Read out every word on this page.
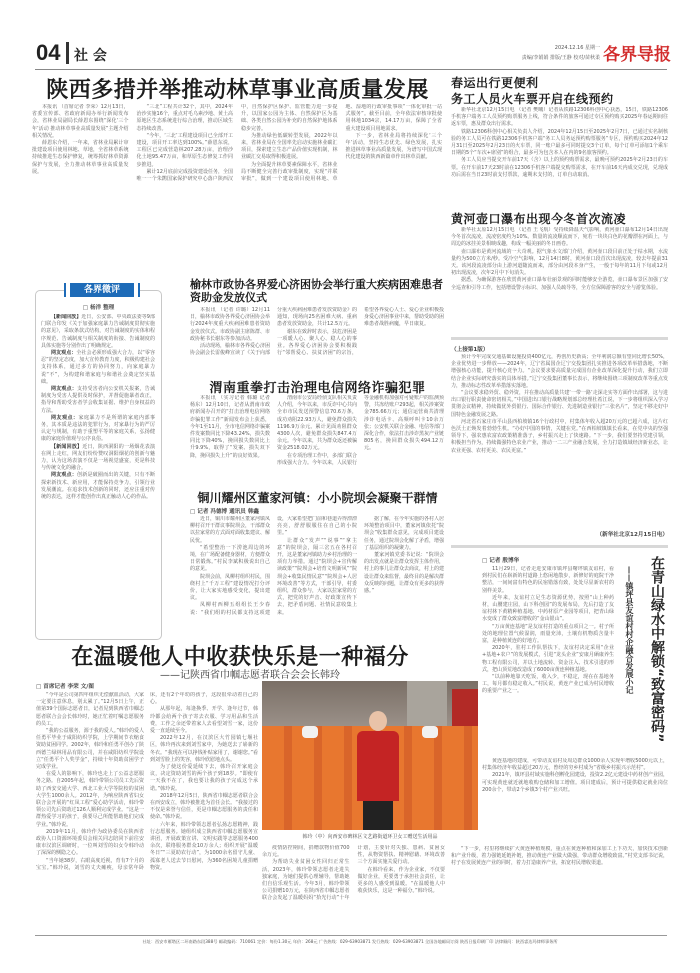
04 社 会	2024.12.16 星期一
责编/李娟娟 排版/王静 校对/苗秋柔 各界导报
陕西多措并举推动林草事业高质量发展

本报讯 （首席记者 李荣）12月13日，省委宣传部、省政府新闻办举行新闻发布会，省林业局副局长薛恩东围绕“深化‘三个年’活动 推动林草事业高质量发展”主题介绍相关情况。

薛恩东介绍，一年来，省林业局累计审批建设项目使用林地、草地，全省林草系统持续推进生态保护修复，统筹抓好林草资源保护与发展，全力推动林草事业高质量发展。

“三北”工程共计32个，其中，2024年治沙实施16个，重点对毛乌素沙地、黄土高原地区生态系统进行综合治理，推动区域生态持续改善。

“今年，‘三北’工程建设项目已全部开工建设，项目开工率达到100%。”薛恩东说，工程区已完成营造林207.28万亩，治理沙化土地95.47万亩，和草原生态修复工作同步推进。

累计12月底前完成投资建设任务，全国唯一一个朱鹮国家保护研究中心落户陕西汉中，自然保护区保护、监管能力进一步提升，以国家公园为主体、自然保护区为基础、各类自然公园为补充的自然保护地体系稳步完善。

为推动绿色低碳转型发展，2022年以来，省林业局在全国率先启动实施林业碳汇项目，探索建立生态产品价值实现机制，林业碳汇交易取得积极进展。

为全面提升林草要素保障水平，省林业局不断健全完善行政审批制度，实现“并联审批”，做到一个建设项目使用林地、草地、湿地的行政审批事项“一体化审批一站式服务”。截至目前，全年依法审核审批使用林地1034宗，14.17万亩，保障了全省重大建设项目用地需求。

下一步，省林业局将持续深化‘三个年’活动，坚持生态优先、绿色发展，扎实推进林草事业高质量发展，为谱写中国式现代化建设的陕西新篇章作出林草贡献。

各界微评
□ 杨洋 整理

【新闻回放】近日，公安部、中央政法委等9部门联合印发《关于加强家庭暴力告诫制度贯彻实施的意见》，采取条款式结构，对告诫制度的实体和程序规范、告诫制度与相关制度的衔接、告诫制度的具体实施等分别作出了明确规定。

网友观点：全社会必须形成强大合力，以“零容忍”的坚定态度，加大宣传教育力度，积极构建社会支持体系，通过多方的协同努力，向家庭暴力说“不”，为构建和谐家庭与和谐社会奠定坚实基础。

网友观点：支持受害者向公安机关报案，告诫制度为受害人提供及时保护，并督促施暴者改正，指导和帮助受害者学会收集证据、维护自身权益的方法。

网友观点：家庭暴力不是所谓的家庭内部事务，其本质是违法的犯罪行为，对家暴行为的严厉认定与规制，有助于重塑平等的家庭关系，弘扬健康的家庭价值观与公序良俗。

【新闻回放】近日，陕西洞阳的一场烟花表演在网上走红，网友们纷纷赞叹洞阳烟花的创新与魅力，认为这场表演不仅是一场视觉盛宴，更是科技与传统文化的融合。

网友观点：创新是破圈而出的关键，只有不断探索新技术、新应用，才能保持竞争力，引领行业发展潮流。在追求技术创新的同时，还应注重对传统的表达，这样才能创作出真正触动人心的作品。

榆林市政协各界爱心济困协会举行重大疾病困难患者资助金发放仪式

本报讯 （记者 许璐）12月11日，榆林市政协各界爱心济困协会举行2024年度重大疾病困难患者资助金发放仪式。市政协副主席陈群、市政协秘书长谢东等参加活动。

活动现场，榆林市各界爱心济困协会副会长雷俊峰宣读了《关于向部分重大疾病困难患者发放资助金》的通知，现场向25名困难大病、重病患者发放资助金，共计12.5万元。

谢东在致辞时表示，扶危济困是一项暖人心、聚人心、稳人心的事业。各界爱心济困协会要积极践行“邻帮爱心、扶贫济困”的宗旨，希望各界爱心人士、爱心企业积极投身爱心济困事业中来，帮助受助的困难患者战胜病魔，早日康复。

渭南重拳打击治理电信网络诈骗犯罪

本报讯 （实习记者 韩璐 记者 杨东）12月10日，记者从渭南市政府新闻办召开的“打击治理电信网络诈骗犯罪工作”新闻发布会上获悉，今年1至11月，全市电信网络诈骗案件发案数同比下降43.24%，损失数同比下降40%，挽回损失数同比上升9.9%，取得了“发案、损失双下降，挽回损失上升”的良好效果。

渭南市公安局经侦支队相关负责人介绍，今年以来，市反诈中心共向全市市民发送预警信息70.6万条，成功劝阻22.93万人，避免群众损失1196.9万余元。累计见面劝阻群众4300人次，避免群众损失847.4万余元。今年以来，共为群众返还被骗资金2518.02万元。

在专项治理工作中，多部门联合形成强大合力。今年以来，人民银行等金融机构加强对可疑账户的监测预警，共冻结账户293起，相关涉案资金785.66万元；通信运营商共清理涉诈电话卡、高频呼叫卡10余万张；公安机关联合金融、电信等部门深化合作，依法打击涉诈黑灰产业链805名，挽回群众损失494.12万元。

铜川耀州区董家河镇：小小院坝会凝聚干群情
□ 记者 冯德博 通讯员 韩鑫

近日，铜川市耀州区董家河镇凤柳村召开干群议事院坝会，干部群众以拉家常的方式面对面收集建议、解民忧。

“希望整治一下涝池周边的环境，在广场配备健身器材，方便群众日常锻炼。”村民李斌积极说出自己的意见。

院坝会前，凤柳村组织村民，围绕村上“千万工程”建设情况打分评价，让大家实地感受变化，提出建议。

凤柳村西柳五组组长王少春说：“我们组的村民都支持这项建设，大家希望把门前和巷道弄得漂漂亮亮，舒舒服服住在自己的小院里。”

让群众“发声”“说事”“拿主意”的院坝会，隔三岔五在各村召开，这是董家河镇助力乡村治理的一项有力举措。通过“院坝会+宣传解读政策”“院坝会+培育文明新风”“院坝会+收集民情民意”“院坝会+人居环境改善”等方式，干部引导，村委组织，群众参与，大家以拉家常的方式，把党的好声音、好政策宣传下去，把矛盾问题、社情民意收集上来。

据了解，在今年实施的各村人居环境整治项目中，董家河镇依托“院坝会”收集群众意见，完成项目建设任务，通过院坝会化解了矛盾，增强了基层组织的凝聚力。

董家河镇党委书记说：“院坝会的出发点就是让群众发挥主体作用，村上的事儿让群众去商议，村上的建设让群众来监督，最终目的是解决群众反映的问题，让群众有更多的获得感。”

春运出行更便利
务工人员火车票开启在线预约

新华社北京12月15日电 （记者 樊曦）记者从铁路12306科创中心获悉，15日，铁路12306手机客户端务工人员预约购票服务上线，符合条件的旅客可通过专区预约购买2025年春运期间往返车票，惠及群众出行需求。

铁路12306科创中心相关负责人介绍，2024年12月15日至2025年2月7日，已通过实名制核验的务工人员可在铁路12306手机客户端“务工人员务运预约购票服务”专区，预约购买2024年12月31日至2025年2月23日的火车票，同一账户最多可同时提交3个订单，每个订单可添加1个乘车日期的5个“车次+席别”的组合，最多可为包含本人在内的9名旅客预约。

务工人员应当提交开车前17天（含）以上的预约购票需求，最晚可预约2025年2月23日的车票。在开车前17天23时前在12306手机客户端提交购票需求，在开车前16天内成交兑现，兑现成功后需在当日23时前支付票款，逾期未支付的，订单自动取消。

黄河壶口瀑布出现今冬首次流凌

新华社太原12月15日电 （记者 王飞航）受持续降温天气影响，黄河壶口瀑布12月14日出现今冬首次流凌，流凌密度约为10%。数量的流凌顺流而下，宛若一块块白色的花瓣漂在河面上，与周边的冰挂美景相映成趣，构成一幅美丽的冬日画卷。

壶口瀑布是黄河流域的一大奇观。据气象水文部门介绍，黄河壶口段目前正处于枯水期，水流量约为500立方米/秒。受冷空气影响，12月14日8时，黄河壶口段首次出现流凌，较去年提前31天。该河段流凌部分由上游河道随流而来，部分由河段本身产生，一般于每年的11月下旬或12月初出现流凌，次年2月中下旬消失。

据悉，为确保游客在欣赏黄河壶口瀑布壮丽景观的同时能够安全游览，壶口瀑布景区加强了安全巡查和引导工作，包括增设警示标识、加强人员疏导等，全方位保障游客的安全与游览体验。

（上接第1版）

预计今年完成交通基础设施投资400亿元，再创历史新高；全年利润总额有望同比增长50%，企业优势进一步释放——2024年，辽宁省属国企辽宁交投集团扎实推进各项改革举措落地，不断增强核心功能，提升核心竞争力。“会议要求要高质量完成国有企业改革深化提升行动，我们立即结合企业实际研究落实的具体举措。”辽宁交投集团董事长表示，将继续围绕三项制度改革等重点发力，推动标志性改革举措落实落地。

“会议要求稳外贸、稳外资，并在推动高质量共建‘一带一路’走深走实等方面作出部署，这与进出口银行职责使命密切相关。”中国进出口银行战略规划部总经理杜希江说，下一步将组织深入学习贯彻会议精神，持续做优外贸银行、国际合作银行、先进制造业银行“三张名片”，坚定不移走好中国特色金融发展之路。

河北省石家庄市平山县西柏坡镇16个行政村中，村集体年收入超20万元的已超六成，这片红色沃土正焕发着勃勃生机。“办好中国的事情，关键在党。”在西柏坡镇镇长看来，在党中央的坚强领导下，强农惠农富农政策精准落子，乡村振兴走上了快速路。“下一步，我们要坚持党建引领，积极担当作为，持续做强特色农业产业，推动一二三产业融合发展，全力打造镇域经济新业态，让农业更强、农村更美、农民更富。”

（新华社北京12月15日电）
□ 记者 殷博华	在青山绿水中解锁“致富密码”
——镇坪县友谊村村企融合发展小记

11月29日，记者走进安康市镇坪县曙坪镇友谊村，看到村民们在崭新的村道路上悠闲地散步，新修好的庭院干净整洁，一间间富有特色的民宿错落有致，处处尽显新农村的别样美景。

近年来，友谊村立足生态资源优势，按照“山上种药材，山腰建庄园，山下科创园”的发展布局，先后打造了友谊村林下黄精种植基地、中药材原产业园等项目，把青山绿水变成了群众致富增收的“金山银山”。

“万亩黄连基地”是友谊村打造的重点项目之一。村子所处的地理位置气候湿润，雨量充沛，土壤有机物质含量丰富，是种植黄连的好地方。

2020年，驻村工作队帮扶下，友谊村决定采用“企业+基地+农户”的发展模式，引进“龙头企业”安康月硒康养生物工程有限公司，并以土地流转、资金注入、技术引进的形式，把山顶荒地改造成了6000亩黄连种植基地。

“以前种地靠天吃饭，收入少，不稳定，现在在基地务工，每月都有稳定收入。”村民说，黄连产业已成为村民增收的重要产业之一。

黄连基地的建成，可带动友谊村及周边群众1000余人实现年增收5000元以上，村集体经济年收益超过20万元，曾经的穷乡村成为“省级乡村振兴示范村”。

2021年，镇坪县村域实施科创孵化园建设，投资2.2亿元建设中药材创产业园，可实现黄连就近就地收购仓储和加工增值。项目建成后，预计可提供稳定就业岗位200余个，带动2个乡镇3个村产业兴旺。

“下一步，村里将继续扩大黄连种植规模，重点在黄连种植和深加工上下功夫，加快技术创新和产业升级，着力强链延链补链，推动黄连产业做大做强，带动群众增收致富。”村党支部书记说，村子在发展黄连产业的同时，着力打造康养产业，拓宽村民增收渠道。

在温暖他人中收获快乐是一种福分
——记陕西省巾帼志愿者联合会会长韩玲
□ 首席记者 李荣 文/图

“今年是公司第四年组织无偿献血活动，大家一定要注意休息，别太累了。”12月5日上午，正值第39个国际志愿者日，记者见到陕西省巾帼志愿者联合会会长韩玲时，她正忙着叮嘱志愿服务的员工。

“我的公益服务，源于我的爱人。”韩玲的爱人任勇平毕业于咸阳纺织学院，上学期间节衣缩食资助贫困同学。2002年，韩玲和任勇平创办了陕西德兰绿林用品有限公司，并在咸阳纺织学院设立“任勇平个人奖学金”，持续十年资助贫困学子完成学业。

在爱人的影响下，韩玲也走上了公益志愿服务之路。自2005年起，韩玲带领公司员工先后资助了西安交通大学、西北工业大学等院校的贫困大学生1000余人。2012年，为响应陕西省妇女联合会开展的“红凤工程”爱心助学活动，韩玲带领公司先后资助过126人顺利完成学业。“这是一群热爱学习的孩子，我要尽己所能帮助他们完成学业。”韩玲说。

2019年11月，韩玲作为政协委员在陕西省政协人口资源环境委员会相关同志陪同下前往安康市汉滨区调研时，一位叫刘雪的妇女令韩玲动了深深的恻隐之心。

“当年她38岁，右眼高度近视，育有7个月的宝宝。”韩玲说，刘雪的丈夫瘫痪，母亲常年卧床，还有2个年幼的孩子，这段很牵动着自己的心。

从那年起，每逢换季、开学、逢年过节，韩玲都会给两个孩子寄去衣服、学习用品和生活费，工作之余还带着家人去看望刘雪一家，这份爱一直延续至今。

2022年12月，在汉滨区大竹园镇七堰社区，韩玲再次来到刘雪家中，为她送去了崭新的冬衣。“我现在可以挣钱补贴家用了，谢谢您。”看到刘雪脸上的笑容，韩玲欣慰地点头。

为了使这份爱延续下去，韩玲召开家庭会议，决定资助刘雪的两个孩子到18岁。“即使有一天我不在了，我也要让我的孩子完成这个承诺。”韩玲说。

2018年12月5日，陕西省巾帼志愿者联合会在西安成立，韩玲被推选为首任会长。“我接过的不仅是荣誉与信任，更是巾帼志愿服务的责任和使命。”韩玲说。

六年来，韩玲带领志愿者弘扬志愿精神，践行志愿服务。她组织成立陕西省巾帼志愿服务宣讲团，开展政策宣讲、文明实践等志愿服务400余次，联络服务群众10万余人；组织开展“温暖冬日”“三夏助农行动”，为1000余名留守儿童、孤寡老人送去节日慰问，为360名困境儿童捐赠物资。

韩玲（中）向西安市碑林区文艺路街道环卫女工赠送生活用品

疫情防控期间，捐赠款物价值700余万元。

为帮助失业贫困女性回归正常生活，2023年，韩玲带领志愿者走进失独家庭，为她们提供心理辅导，帮助她们自信乐观生活。今年3月，韩玲带领公司捐赠10万元，在陕西省巾帼志愿者联合会发起了温暖妈妈“拾光行动”十年计划，主要针对失独、患病、贫困女性，从物资帮扶、精神慰藉、环境改善三个方面实施关爱行动。

在韩玲看来，作为企业家，不仅要做好企业，更要勇于承担社会责任，让更多的人感受到温暖。“在温暖他人中收获快乐，这是一种福分。”韩玲说。

社址：西安市雁塔区二环南路东段388号 邮政编码：710061 定价：每份1.30元 年价：268元 广告热线：029-63903871 发行热线：029-63903871 全国各地邮局订阅 陕西日报印刷厂印 法律顾问：陕西睿达玛律师事务所
